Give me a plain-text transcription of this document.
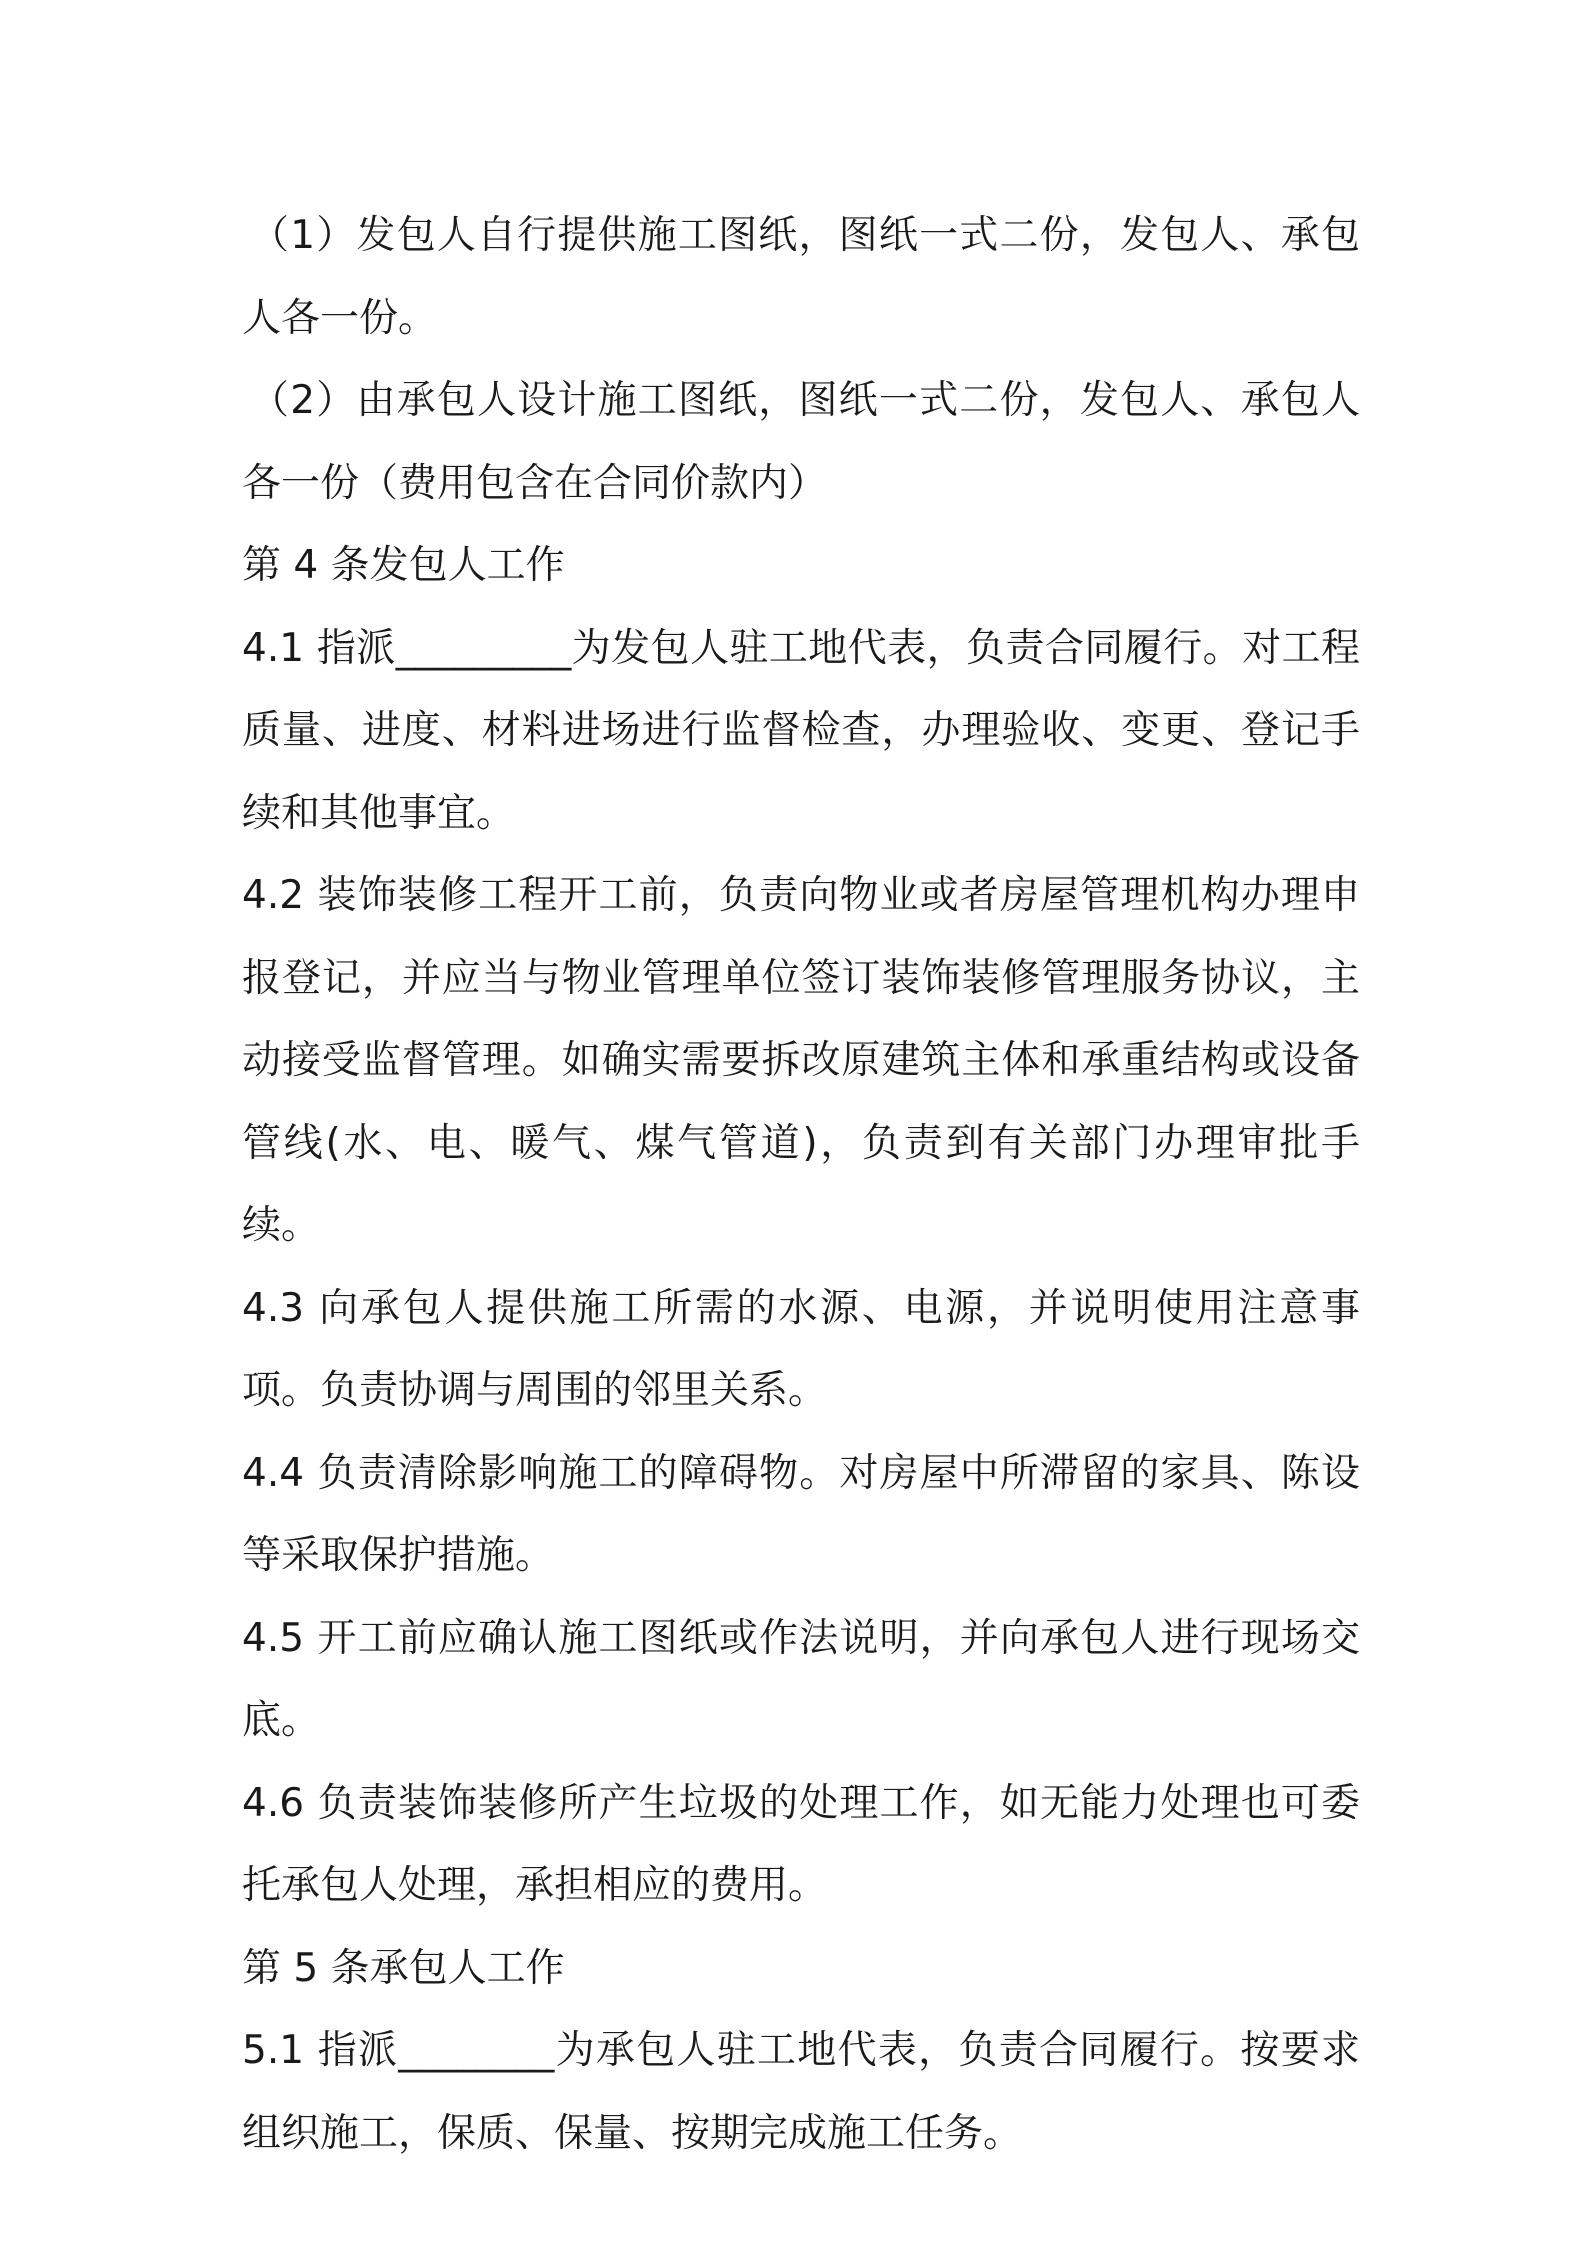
（1）发包人自行提供施工图纸，图纸一式二份，发包人、承包人各一份。

（2）由承包人设计施工图纸，图纸一式二份，发包人、承包人各一份（费用包含在合同价款内）

第 4 条发包人工作

4.1 指派_________为发包人驻工地代表，负责合同履行。对工程质量、进度、材料进场进行监督检查，办理验收、变更、登记手续和其他事宜。

4.2 装饰装修工程开工前，负责向物业或者房屋管理机构办理申报登记，并应当与物业管理单位签订装饰装修管理服务协议，主动接受监督管理。如确实需要拆改原建筑主体和承重结构或设备管线(水、电、暖气、煤气管道)，负责到有关部门办理审批手续。

4.3 向承包人提供施工所需的水源、电源，并说明使用注意事项。负责协调与周围的邻里关系。

4.4 负责清除影响施工的障碍物。对房屋中所滞留的家具、陈设等采取保护措施。

4.5 开工前应确认施工图纸或作法说明，并向承包人进行现场交底。

4.6 负责装饰装修所产生垃圾的处理工作，如无能力处理也可委托承包人处理，承担相应的费用。

第 5 条承包人工作

5.1 指派________为承包人驻工地代表，负责合同履行。按要求组织施工，保质、保量、按期完成施工任务。
